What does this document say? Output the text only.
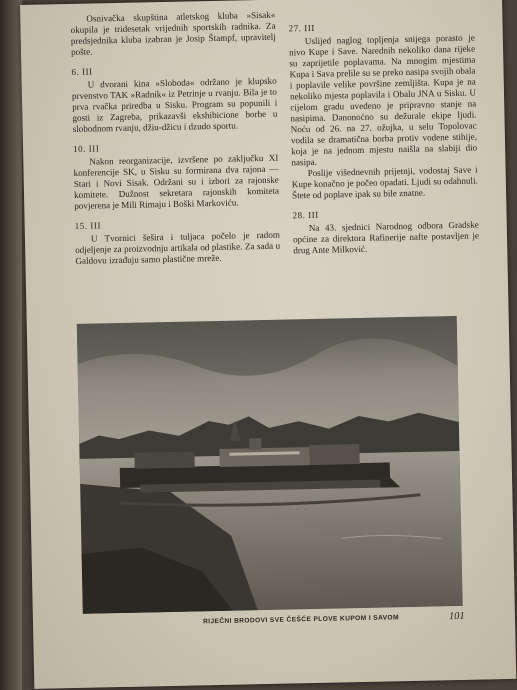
Osnivačka skupština atletskog kluba »Sisak« okupila je tridesetak vrijednih sportskih radnika. Za predsjednika kluba izabran je Josip Štampf, upravitelj pošte.
6. III
U dvorani kina »Sloboda« održano je klupsko prvenstvo TAK »Radnik« iz Petrinje u rvanju. Bila je to prva rvačka priredba u Sisku. Program su popunili i gosti iz Zagreba, prikazavši ekshibicione borbe u slobodnom rvanju, džiu-džicu i dzudo sportu.
10. III
Nakon reorganizacije, izvršene po zaključku XI konferencije SK, u Sisku su formirana dva rajona — Stari i Novi Sisak. Održani su i izbori za rajonske komitete. Dužnost sekretara rajonskih komiteta povjerena je Mili Rimaju i Boški Markoviću.
15. III
U Tvornici šešira i tuljaca počelo je radom odjeljenje za proizvodnju artikala od plastike. Za sada u Galdovu izrađuju samo plastične mreže.
27. III
Uslijed naglog topljenja snijega porasto je nivo Kupe i Save. Narednih nekoliko dana rijeke su zaprijetile poplavama. Na mnogim mjestima Kupa i Sava prelile su se preko nasipa svojih obala i poplavile velike površine zemljišta. Kupa je na nekoliko mjesta poplavila i Obalu JNA u Sisku. U cijelom gradu uvedeno je pripravno stanje na nasipima. Danonoćno su dežurale ekipe ljudi. Noću od 26. na 27. ožujka, u selu Topolovac vodila se dramatična borba protiv vodene stihije, koja je na jednom mjestu naišla na slabiji dio nasipa.
Poslije višednevnih prijetnji, vodostaj Save i Kupe konačno je počeo opadati. Ljudi su odahnuli. Štete od poplave ipak su bile znatne.
28. III
Na 43. sjednici Narodnog odbora Gradske općine za direktora Rafinerije nafte postavljen je drug Ante Milković.
RIJEČNI BRODOVI SVE ČEŠĆE PLOVE KUPOM I SAVOM	101
